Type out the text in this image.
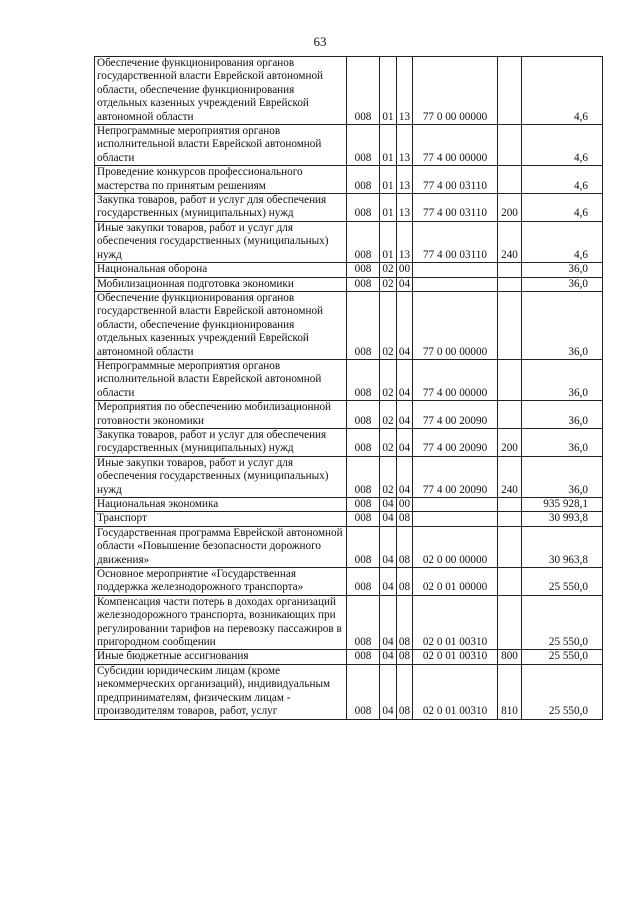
63
Обеспечение функционирования органов государственной власти Еврейской автономной области, обеспечение функционирования отдельных казенных учреждений Еврейской автономной области	008	01	13	77 0 00 00000		4,6
Непрограммные мероприятия органов исполнительной власти Еврейской автономной области	008	01	13	77 4 00 00000		4,6
Проведение конкурсов профессионального мастерства по принятым решениям	008	01	13	77 4 00 03110		4,6
Закупка товаров, работ и услуг для обеспечения государственных (муниципальных) нужд	008	01	13	77 4 00 03110	200	4,6
Иные закупки товаров, работ и услуг для обеспечения государственных (муниципальных) нужд	008	01	13	77 4 00 03110	240	4,6
Национальная оборона	008	02	00			36,0
Мобилизационная подготовка экономики	008	02	04			36,0
Обеспечение функционирования органов государственной власти Еврейской автономной области, обеспечение функционирования отдельных казенных учреждений Еврейской автономной области	008	02	04	77 0 00 00000		36,0
Непрограммные мероприятия органов исполнительной власти Еврейской автономной области	008	02	04	77 4 00 00000		36,0
Мероприятия по обеспечению мобилизационной готовности экономики	008	02	04	77 4 00 20090		36,0
Закупка товаров, работ и услуг для обеспечения государственных (муниципальных) нужд	008	02	04	77 4 00 20090	200	36,0
Иные закупки товаров, работ и услуг для обеспечения государственных (муниципальных) нужд	008	02	04	77 4 00 20090	240	36,0
Национальная экономика	008	04	00			935 928,1
Транспорт	008	04	08			30 993,8
Государственная программа Еврейской автономной области «Повышение безопасности дорожного движения»	008	04	08	02 0 00 00000		30 963,8
Основное мероприятие «Государственная поддержка железнодорожного транспорта»	008	04	08	02 0 01 00000		25 550,0
Компенсация части потерь в доходах организаций железнодорожного транспорта, возникающих при регулировании тарифов на перевозку пассажиров в пригородном сообщении	008	04	08	02 0 01 00310		25 550,0
Иные бюджетные ассигнования	008	04	08	02 0 01 00310	800	25 550,0
Субсидии юридическим лицам (кроме некоммерческих организаций), индивидуальным предпринимателям, физическим лицам - производителям товаров, работ, услуг	008	04	08	02 0 01 00310	810	25 550,0
